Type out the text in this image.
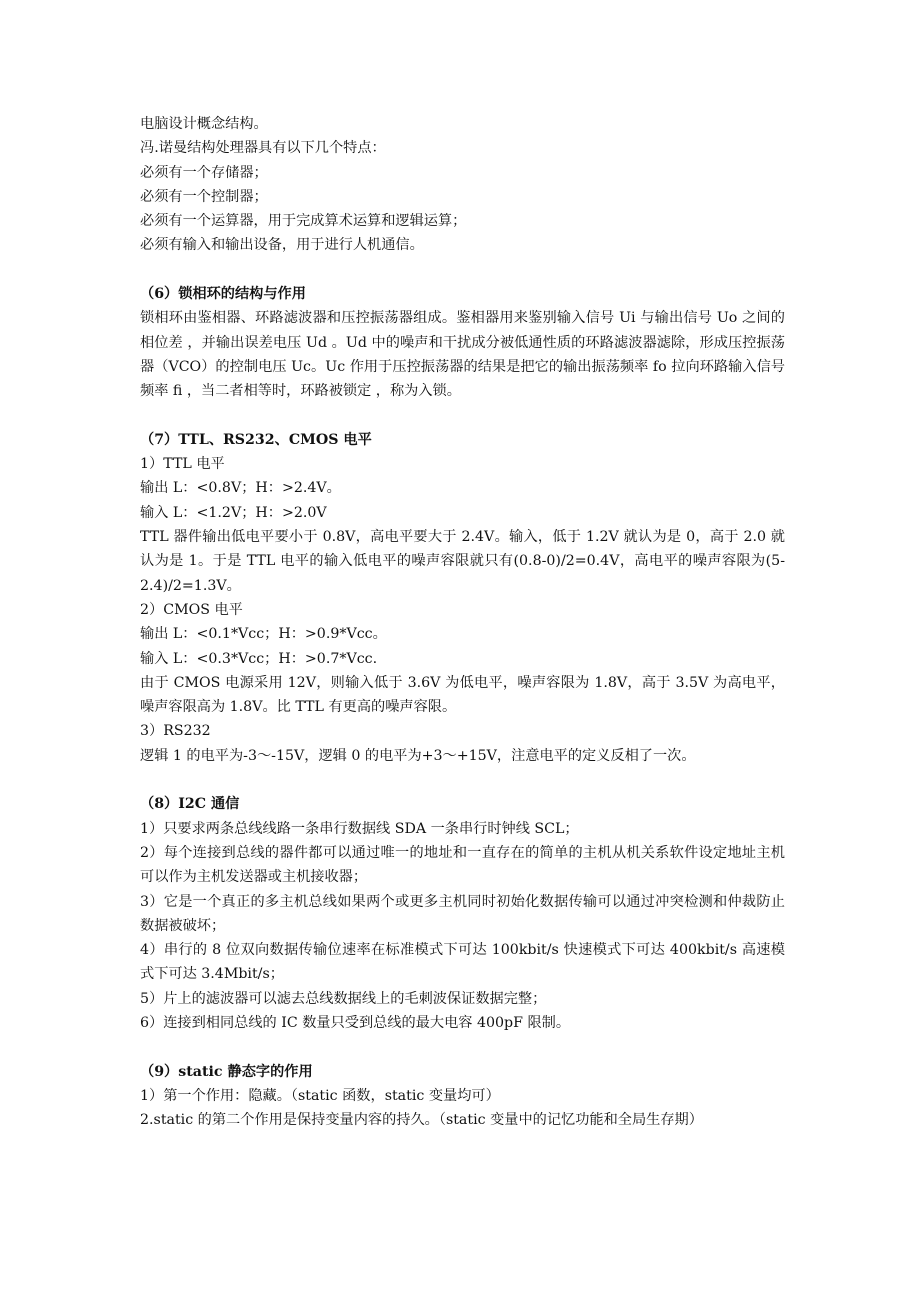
电脑设计概念结构。

冯.诺曼结构处理器具有以下几个特点：

必须有一个存储器；

必须有一个控制器；

必须有一个运算器，用于完成算术运算和逻辑运算；

必须有输入和输出设备，用于进行人机通信。

（6）锁相环的结构与作用

锁相环由鉴相器、环路滤波器和压控振荡器组成。鉴相器用来鉴别输入信号 Ui 与输出信号 Uo 之间的相位差 ，并输出误差电压 Ud 。Ud 中的噪声和干扰成分被低通性质的环路滤波器滤除，形成压控振荡器（VCO）的控制电压 Uc。Uc 作用于压控振荡器的结果是把它的输出振荡频率 fo 拉向环路输入信号频率 fi ，当二者相等时，环路被锁定 ，称为入锁。

（7）TTL、RS232、CMOS 电平

1）TTL 电平

输出 L：<0.8V；H：>2.4V。

输入 L：<1.2V；H：>2.0V

TTL 器件输出低电平要小于 0.8V，高电平要大于 2.4V。输入，低于 1.2V 就认为是 0，高于 2.0 就认为是 1。于是 TTL 电平的输入低电平的噪声容限就只有(0.8-0)/2=0.4V，高电平的噪声容限为(5-2.4)/2=1.3V。

2）CMOS 电平

输出 L：<0.1*Vcc；H：>0.9*Vcc。

输入 L：<0.3*Vcc；H：>0.7*Vcc.

由于 CMOS 电源采用 12V，则输入低于 3.6V 为低电平，噪声容限为 1.8V，高于 3.5V 为高电平，噪声容限高为 1.8V。比 TTL 有更高的噪声容限。

3）RS232

逻辑 1 的电平为-3～-15V，逻辑 0 的电平为+3～+15V，注意电平的定义反相了一次。

（8）I2C 通信

1）只要求两条总线线路一条串行数据线 SDA 一条串行时钟线 SCL；

2）每个连接到总线的器件都可以通过唯一的地址和一直存在的简单的主机从机关系软件设定地址主机可以作为主机发送器或主机接收器；

3）它是一个真正的多主机总线如果两个或更多主机同时初始化数据传输可以通过冲突检测和仲裁防止数据被破坏；

4）串行的 8 位双向数据传输位速率在标准模式下可达 100kbit/s 快速模式下可达 400kbit/s 高速模式下可达 3.4Mbit/s；

5）片上的滤波器可以滤去总线数据线上的毛刺波保证数据完整；

6）连接到相同总线的 IC 数量只受到总线的最大电容 400pF 限制。

（9）static 静态字的作用

1）第一个作用：隐藏。（static 函数，static 变量均可）

2.static 的第二个作用是保持变量内容的持久。（static 变量中的记忆功能和全局生存期）
